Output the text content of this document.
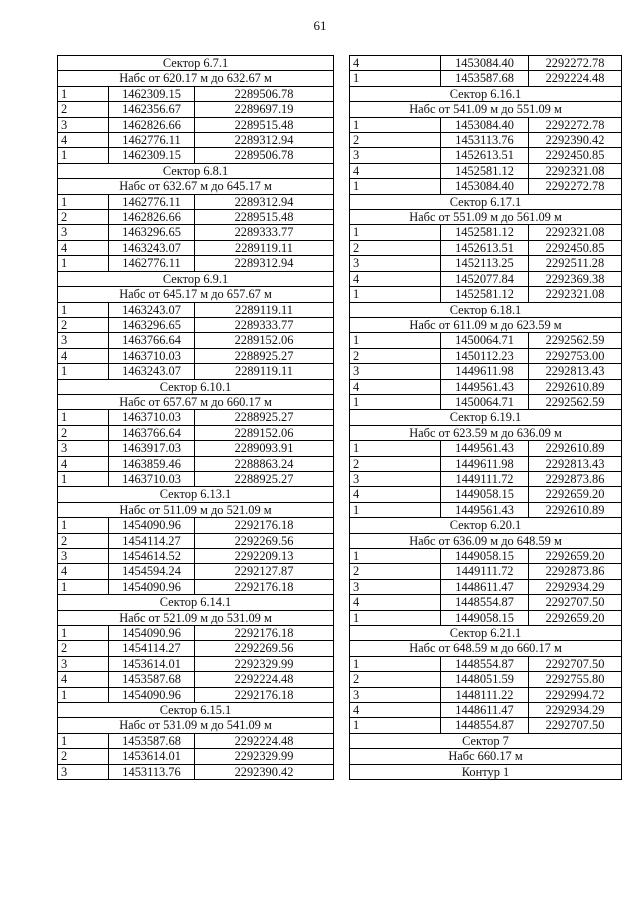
61
Сектор 6.7.1		
Набс от 620.17 м до 632.67 м		
1	1462309.15	2289506.78
2	1462356.67	2289697.19
3	1462826.66	2289515.48
4	1462776.11	2289312.94
1	1462309.15	2289506.78
Сектор 6.8.1		
Набс от 632.67 м до 645.17 м		
1	1462776.11	2289312.94
2	1462826.66	2289515.48
3	1463296.65	2289333.77
4	1463243.07	2289119.11
1	1462776.11	2289312.94
Сектор 6.9.1		
Набс от 645.17 м до 657.67 м		
1	1463243.07	2289119.11
2	1463296.65	2289333.77
3	1463766.64	2289152.06
4	1463710.03	2288925.27
1	1463243.07	2289119.11
Сектор 6.10.1		
Набс от 657.67 м до 660.17 м		
1	1463710.03	2288925.27
2	1463766.64	2289152.06
3	1463917.03	2289093.91
4	1463859.46	2288863.24
1	1463710.03	2288925.27
Сектор 6.13.1		
Набс от 511.09 м до 521.09 м		
1	1454090.96	2292176.18
2	1454114.27	2292269.56
3	1454614.52	2292209.13
4	1454594.24	2292127.87
1	1454090.96	2292176.18
Сектор 6.14.1		
Набс от 521.09 м до 531.09 м		
1	1454090.96	2292176.18
2	1454114.27	2292269.56
3	1453614.01	2292329.99
4	1453587.68	2292224.48
1	1454090.96	2292176.18
Сектор 6.15.1		
Набс от 531.09 м до 541.09 м		
1	1453587.68	2292224.48
2	1453614.01	2292329.99
3	1453113.76	2292390.42
4	1453084.40	2292272.78
1	1453587.68	2292224.48
Сектор 6.16.1		
Набс от 541.09 м до 551.09 м		
1	1453084.40	2292272.78
2	1453113.76	2292390.42
3	1452613.51	2292450.85
4	1452581.12	2292321.08
1	1453084.40	2292272.78
Сектор 6.17.1		
Набс от 551.09 м до 561.09 м		
1	1452581.12	2292321.08
2	1452613.51	2292450.85
3	1452113.25	2292511.28
4	1452077.84	2292369.38
1	1452581.12	2292321.08
Сектор 6.18.1		
Набс от 611.09 м до 623.59 м		
1	1450064.71	2292562.59
2	1450112.23	2292753.00
3	1449611.98	2292813.43
4	1449561.43	2292610.89
1	1450064.71	2292562.59
Сектор 6.19.1		
Набс от 623.59 м до 636.09 м		
1	1449561.43	2292610.89
2	1449611.98	2292813.43
3	1449111.72	2292873.86
4	1449058.15	2292659.20
1	1449561.43	2292610.89
Сектор 6.20.1		
Набс от 636.09 м до 648.59 м		
1	1449058.15	2292659.20
2	1449111.72	2292873.86
3	1448611.47	2292934.29
4	1448554.87	2292707.50
1	1449058.15	2292659.20
Сектор 6.21.1		
Набс от 648.59 м до 660.17 м		
1	1448554.87	2292707.50
2	1448051.59	2292755.80
3	1448111.22	2292994.72
4	1448611.47	2292934.29
1	1448554.87	2292707.50
Сектор 7		
Набс 660.17 м		
Контур 1		
